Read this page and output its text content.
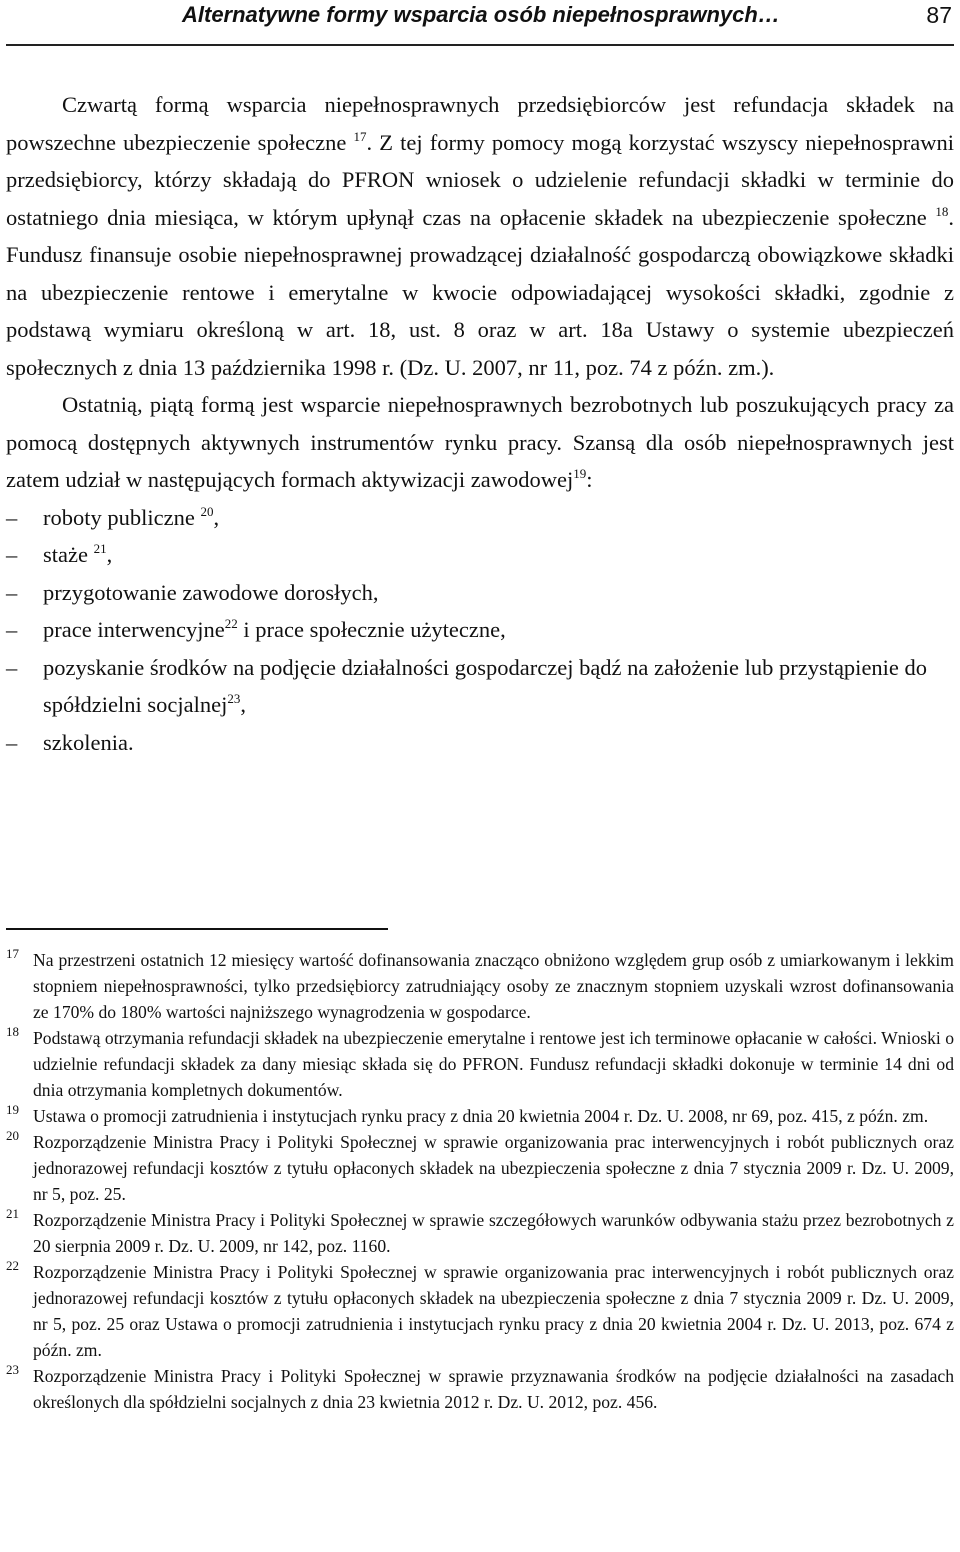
Alternatywne formy wsparcia osób niepełnosprawnych…	87

Czwartą formą wsparcia niepełnosprawnych przedsiębiorców jest refundacja składek na powszechne ubezpieczenie społeczne $^{17}$. Z tej formy pomocy mogą korzystać wszyscy niepełnosprawni przedsiębiorcy, którzy składają do PFRON wniosek o udzielenie refundacji składki w terminie do ostatniego dnia miesiąca, w którym upłynął czas na opłacenie składek na ubezpieczenie społeczne $^{18}$. Fundusz finansuje osobie niepełnosprawnej prowadzącej działalność gospodarczą obowiązkowe składki na ubezpieczenie rentowe i emerytalne w kwocie odpowiadającej wysokości składki, zgodnie z podstawą wymiaru określoną w art. 18, ust. 8 oraz w art. 18a Ustawy o systemie ubezpieczeń społecznych z dnia 13 października 1998 r. (Dz. U. 2007, nr 11, poz. 74 z późn. zm.).

Ostatnią, piątą formą jest wsparcie niepełnosprawnych bezrobotnych lub poszukujących pracy za pomocą dostępnych aktywnych instrumentów rynku pracy. Szansą dla osób niepełnosprawnych jest zatem udział w następujących formach aktywizacji zawodowej$^{19}$:

– roboty publiczne $^{20}$,
– staże $^{21}$,
– przygotowanie zawodowe dorosłych,
– prace interwencyjne$^{22}$ i prace społecznie użyteczne,
– pozyskanie środków na podjęcie działalności gospodarczej bądź na założenie lub przystąpienie do spółdzielni socjalnej$^{23}$,
– szkolenia.
17 Na przestrzeni ostatnich 12 miesięcy wartość dofinansowania znacząco obniżono względem grup osób z umiarkowanym i lekkim stopniem niepełnosprawności, tylko przedsiębiorcy zatrudniający osoby ze znacznym stopniem uzyskali wzrost dofinansowania ze 170% do 180% wartości najniższego wynagrodzenia w gospodarce.
18 Podstawą otrzymania refundacji składek na ubezpieczenie emerytalne i rentowe jest ich terminowe opłacanie w całości. Wnioski o udzielnie refundacji składek za dany miesiąc składa się do PFRON. Fundusz refundacji składki dokonuje w terminie 14 dni od dnia otrzymania kompletnych dokumentów.
19 Ustawa o promocji zatrudnienia i instytucjach rynku pracy z dnia 20 kwietnia 2004 r. Dz. U. 2008, nr 69, poz. 415, z późn. zm.
20 Rozporządzenie Ministra Pracy i Polityki Społecznej w sprawie organizowania prac interwencyjnych i robót publicznych oraz jednorazowej refundacji kosztów z tytułu opłaconych składek na ubezpieczenia społeczne z dnia 7 stycznia 2009 r. Dz. U. 2009, nr 5, poz. 25.
21 Rozporządzenie Ministra Pracy i Polityki Społecznej w sprawie szczegółowych warunków odbywania stażu przez bezrobotnych z 20 sierpnia 2009 r. Dz. U. 2009, nr 142, poz. 1160.
22 Rozporządzenie Ministra Pracy i Polityki Społecznej w sprawie organizowania prac interwencyjnych i robót publicznych oraz jednorazowej refundacji kosztów z tytułu opłaconych składek na ubezpieczenia społeczne z dnia 7 stycznia 2009 r. Dz. U. 2009, nr 5, poz. 25 oraz Ustawa o promocji zatrudnienia i instytucjach rynku pracy z dnia 20 kwietnia 2004 r. Dz. U. 2013, poz. 674 z późn. zm.
23 Rozporządzenie Ministra Pracy i Polityki Społecznej w sprawie przyznawania środków na podjęcie działalności na zasadach określonych dla spółdzielni socjalnych z dnia 23 kwietnia 2012 r. Dz. U. 2012, poz. 456.
